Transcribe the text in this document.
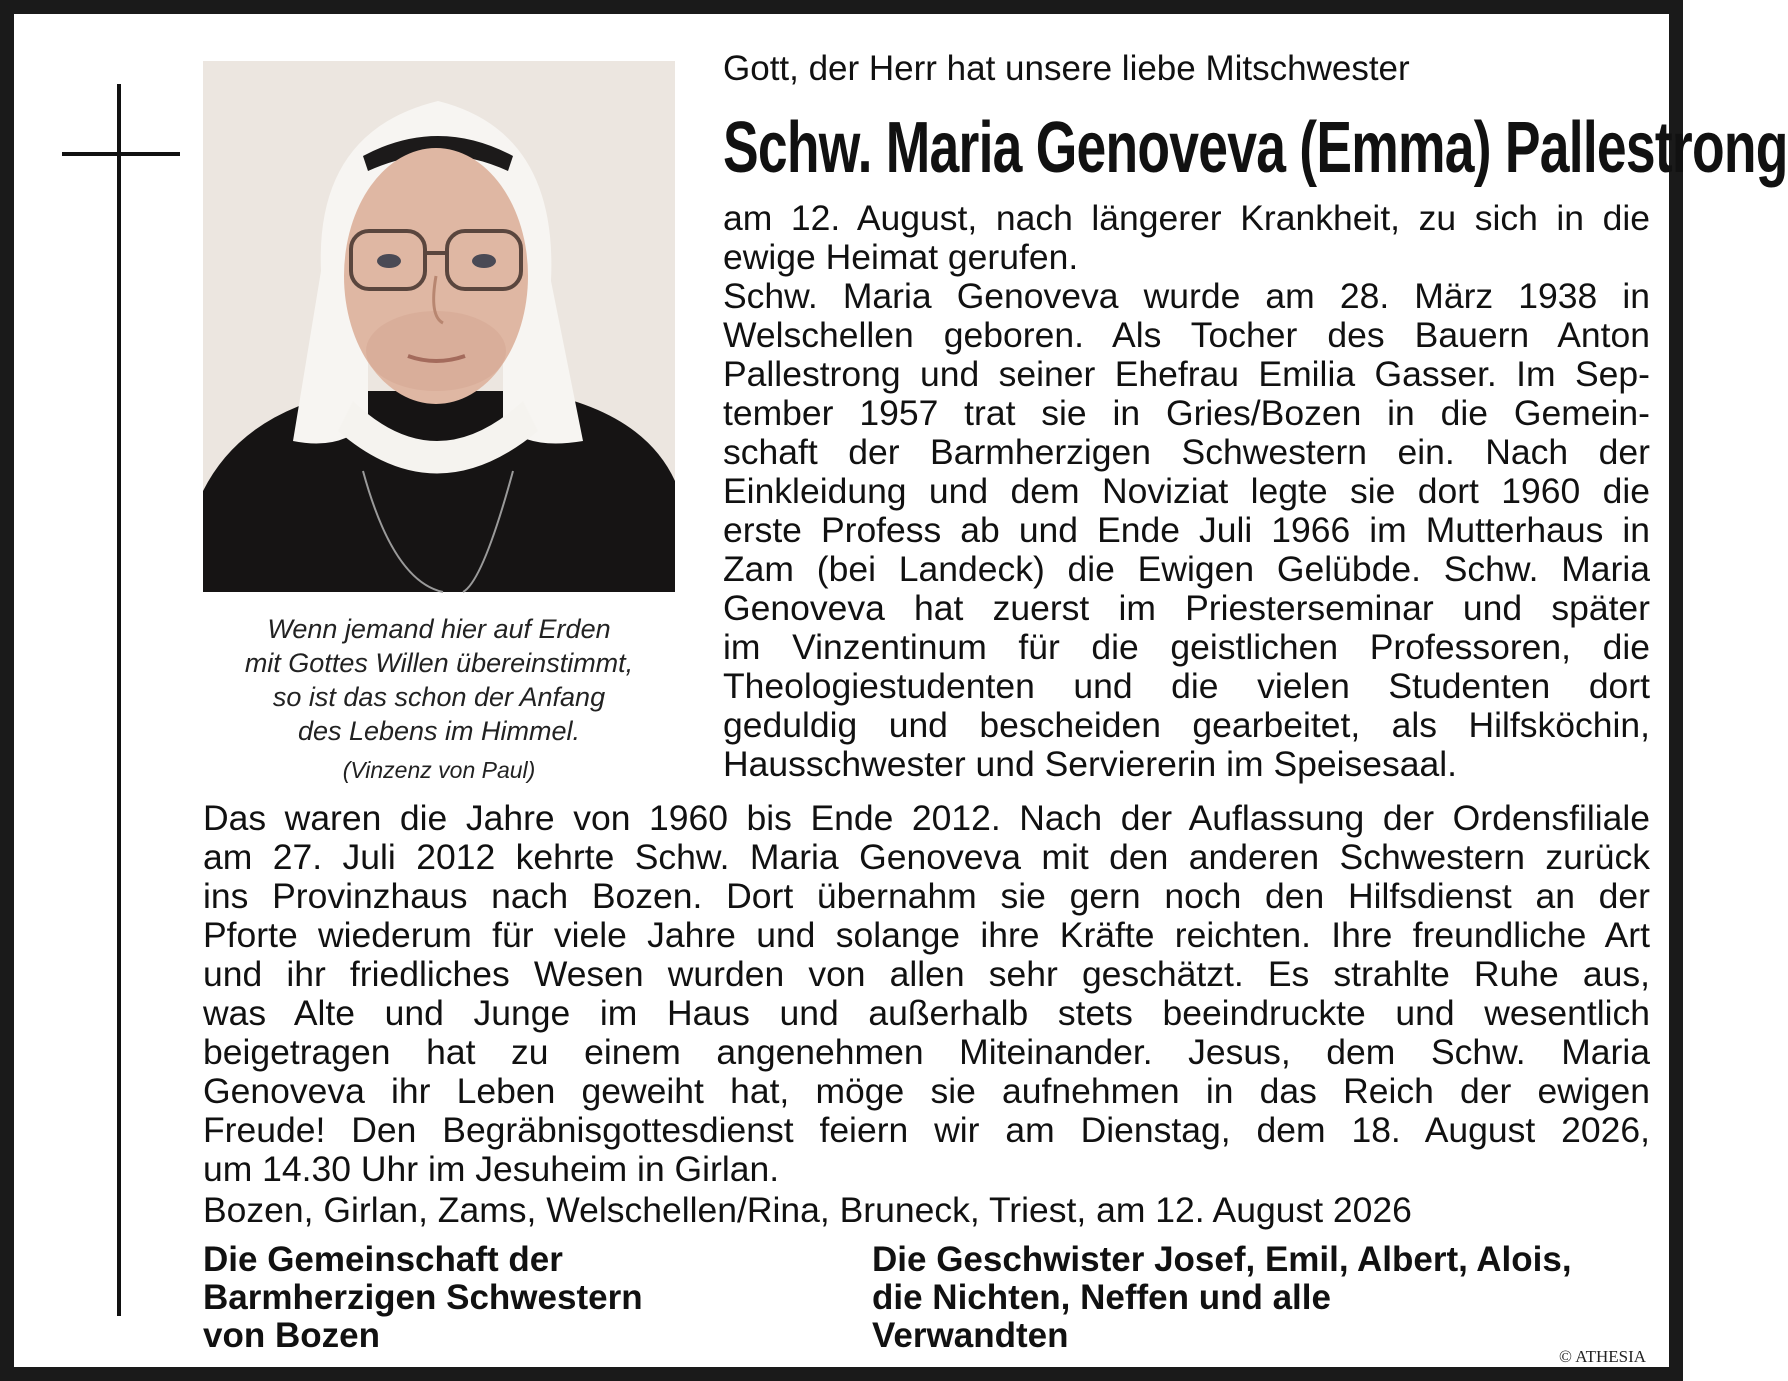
Wenn jemand hier auf Erden
mit Gottes Willen übereinstimmt,
so ist das schon der Anfang
des Lebens im Himmel.
(Vinzenz von Paul)
Gott, der Herr hat unsere liebe Mitschwester
Schw. Maria Genoveva (Emma) Pallestrong
am 12. August, nach längerer Krankheit, zu sich in die
ewige Heimat gerufen.
Schw. Maria Genoveva wurde am 28. März 1938 in
Welschellen geboren. Als Tocher des Bauern Anton
Pallestrong und seiner Ehefrau Emilia Gasser. Im Sep-
tember 1957 trat sie in Gries/Bozen in die Gemein-
schaft der Barmherzigen Schwestern ein. Nach der
Einkleidung und dem Noviziat legte sie dort 1960 die
erste Profess ab und Ende Juli 1966 im Mutterhaus in
Zam (bei Landeck) die Ewigen Gelübde. Schw. Maria
Genoveva hat zuerst im Priesterseminar und später
im Vinzentinum für die geistlichen Professoren, die
Theologiestudenten und die vielen Studenten dort
geduldig und bescheiden gearbeitet, als Hilfsköchin,
Hausschwester und Serviererin im Speisesaal.
Das waren die Jahre von 1960 bis Ende 2012. Nach der Auflassung der Ordensfiliale
am 27. Juli 2012 kehrte Schw. Maria Genoveva mit den anderen Schwestern zurück
ins Provinzhaus nach Bozen. Dort übernahm sie gern noch den Hilfsdienst an der
Pforte wiederum für viele Jahre und solange ihre Kräfte reichten. Ihre freundliche Art
und ihr friedliches Wesen wurden von allen sehr geschätzt. Es strahlte Ruhe aus,
was Alte und Junge im Haus und außerhalb stets beeindruckte und wesentlich
beigetragen hat zu einem angenehmen Miteinander. Jesus, dem Schw. Maria
Genoveva ihr Leben geweiht hat, möge sie aufnehmen in das Reich der ewigen
Freude! Den Begräbnisgottesdienst feiern wir am Dienstag, dem 18. August 2026,
um 14.30 Uhr im Jesuheim in Girlan.
Bozen, Girlan, Zams, Welschellen/Rina, Bruneck, Triest, am 12. August 2026
Die Gemeinschaft der
Barmherzigen Schwestern
von Bozen
Die Geschwister Josef, Emil, Albert, Alois,
die Nichten, Neffen und alle
Verwandten
© ATHESIA
